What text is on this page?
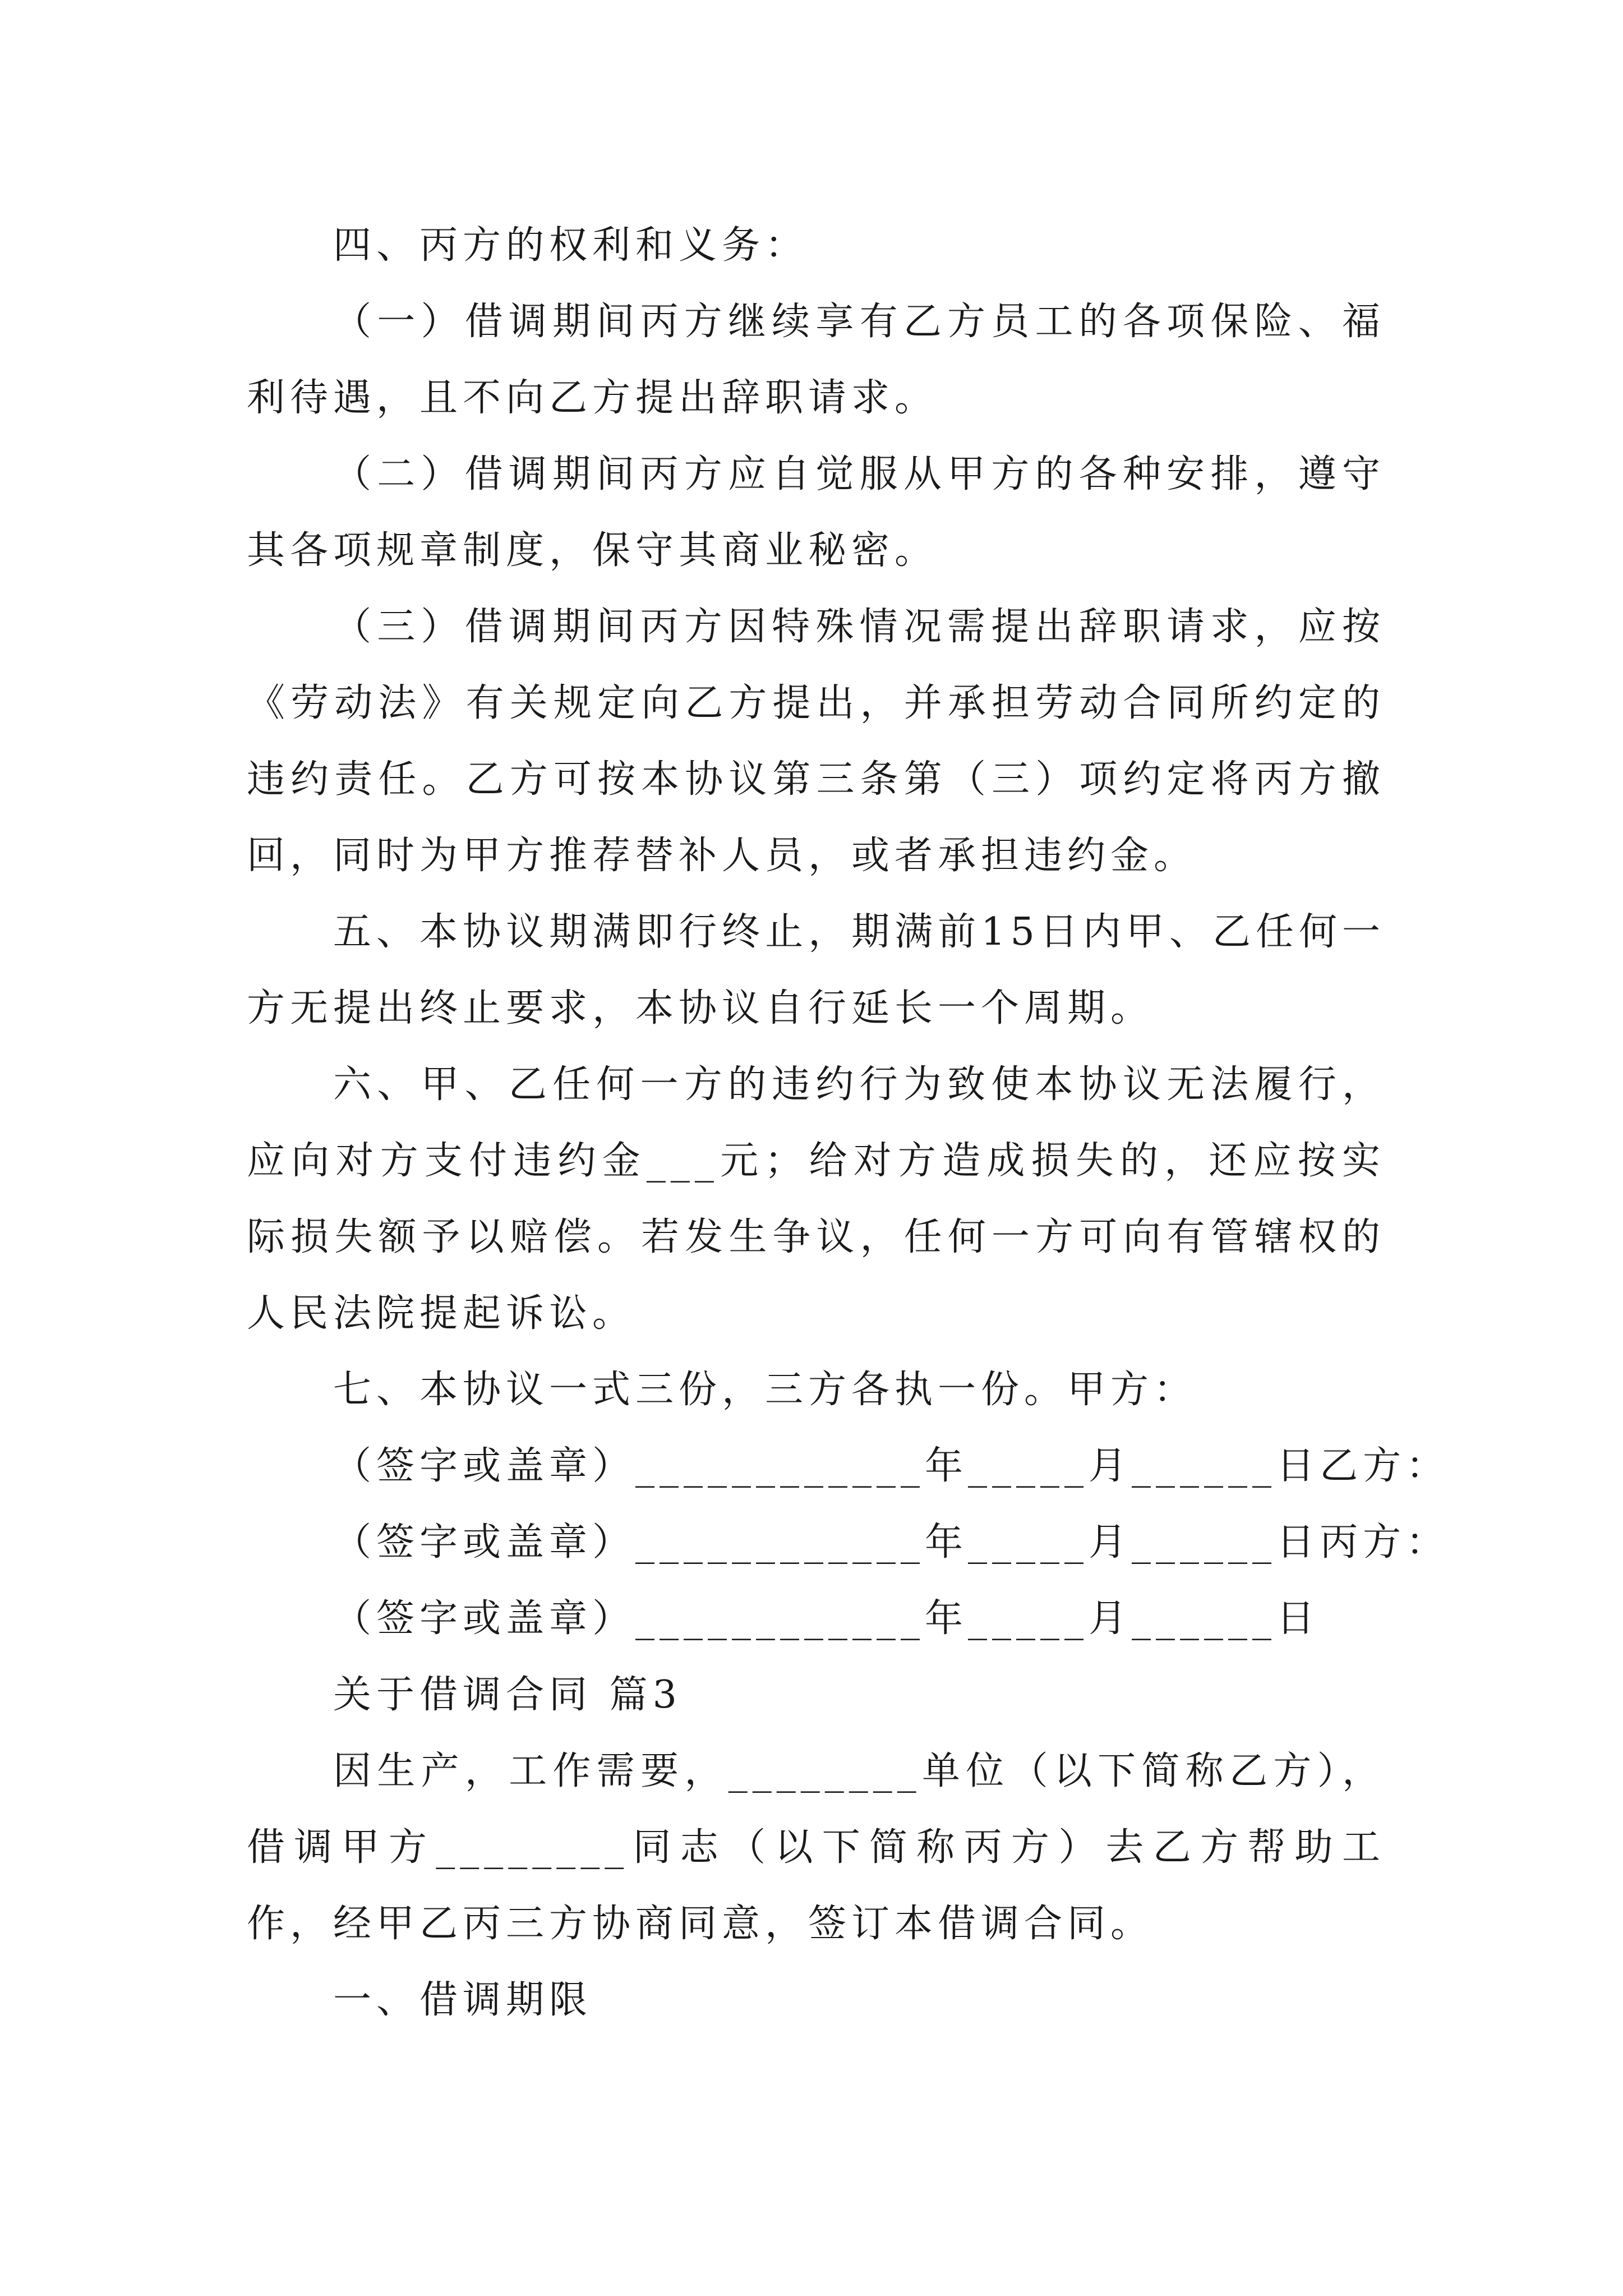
四、丙方的权利和义务：

（一）借调期间丙方继续享有乙方员工的各项保险、福利待遇，且不向乙方提出辞职请求。

（二）借调期间丙方应自觉服从甲方的各种安排，遵守其各项规章制度，保守其商业秘密。

（三）借调期间丙方因特殊情况需提出辞职请求，应按《劳动法》有关规定向乙方提出，并承担劳动合同所约定的违约责任。乙方可按本协议第三条第（三）项约定将丙方撤回，同时为甲方推荐替补人员，或者承担违约金。

五、本协议期满即行终止，期满前15日内甲、乙任何一方无提出终止要求，本协议自行延长一个周期。

六、甲、乙任何一方的违约行为致使本协议无法履行，应向对方支付违约金___元；给对方造成损失的，还应按实际损失额予以赔偿。若发生争议，任何一方可向有管辖权的人民法院提起诉讼。

七、本协议一式三份，三方各执一份。甲方：

（签字或盖章）____________年_____月______日乙方：
（签字或盖章）____________年_____月______日丙方：
（签字或盖章）____________年_____月______日

关于借调合同 篇3

因生产，工作需要，________单位（以下简称乙方），借调甲方________同志（以下简称丙方）去乙方帮助工作，经甲乙丙三方协商同意，签订本借调合同。

一、借调期限
